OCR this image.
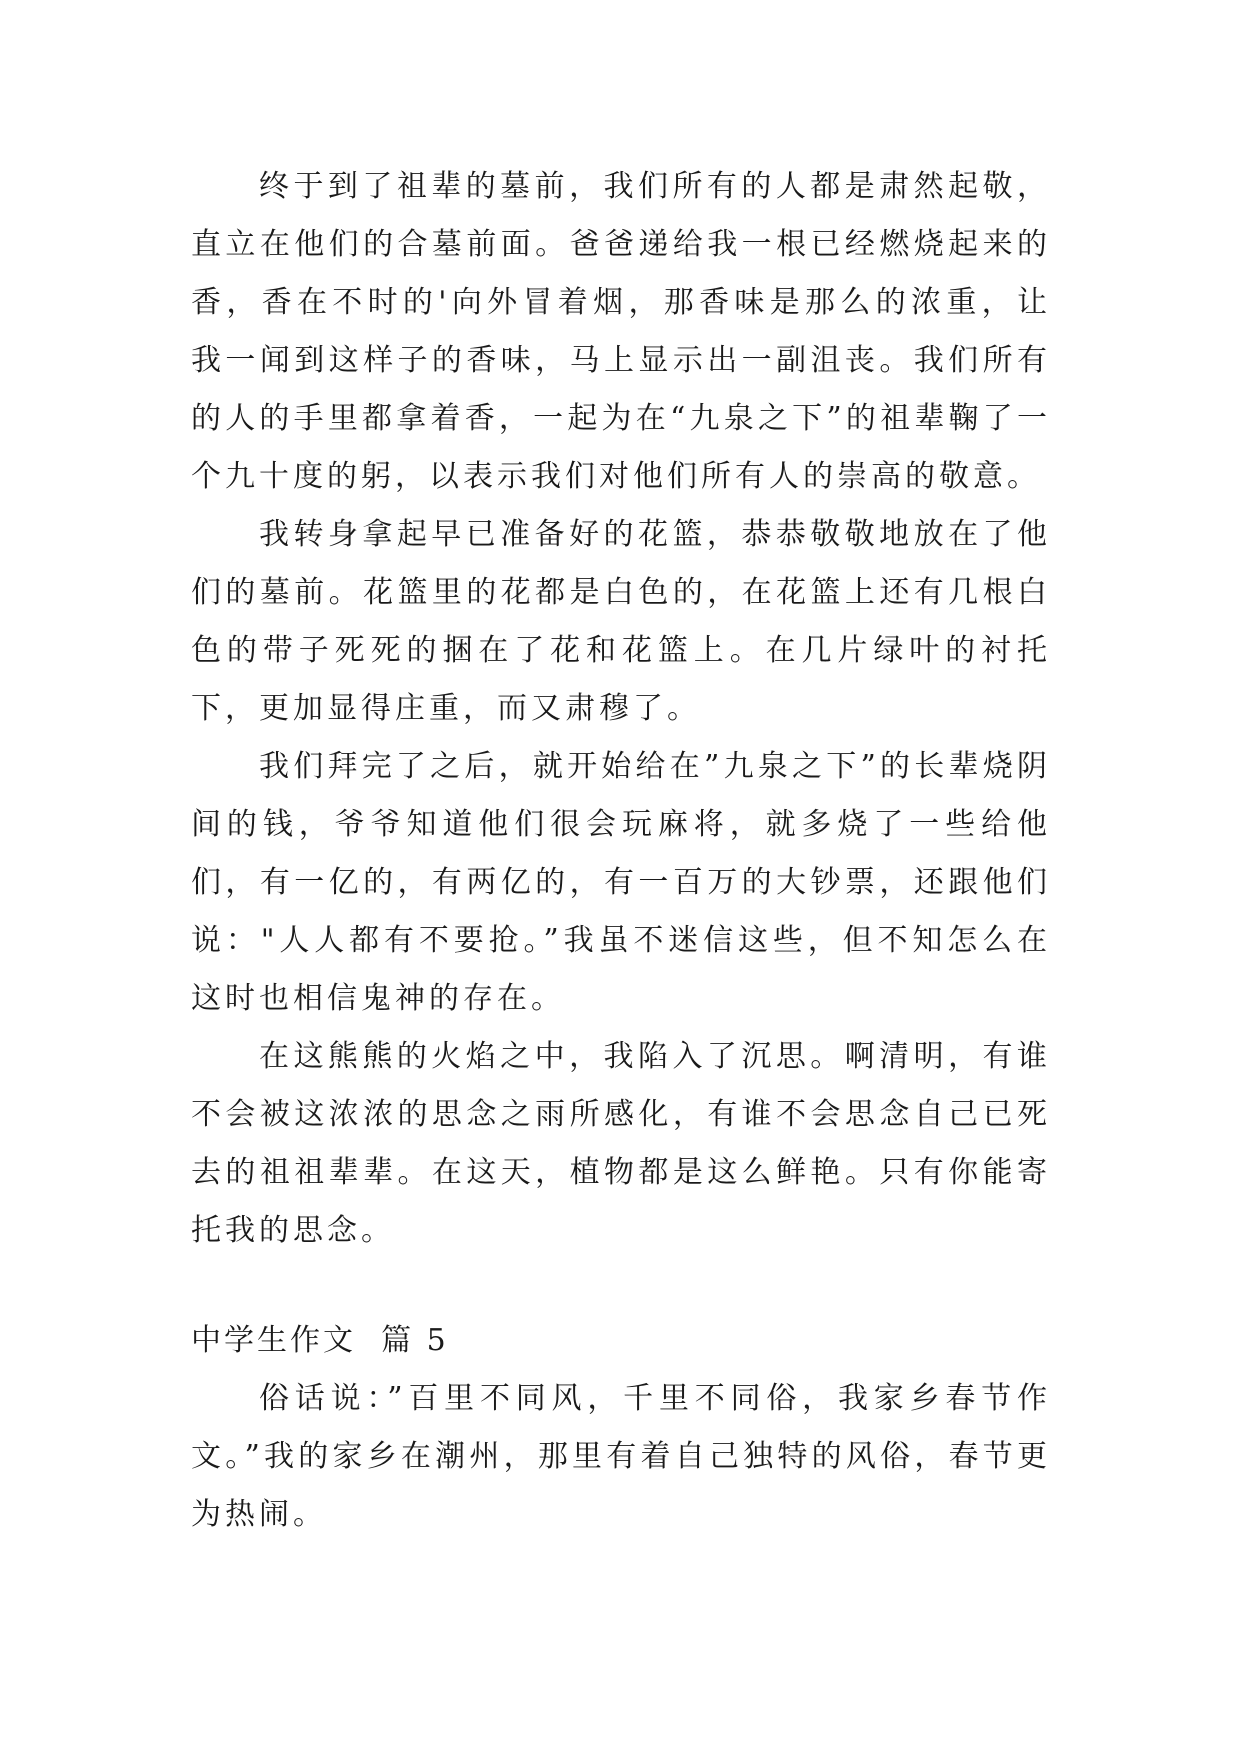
终于到了祖辈的墓前，我们所有的人都是肃然起敬，直立在他们的合墓前面。爸爸递给我一根已经燃烧起来的香，香在不时的'向外冒着烟，那香味是那么的浓重，让我一闻到这样子的香味，马上显示出一副沮丧。我们所有的人的手里都拿着香，一起为在“九泉之下”的祖辈鞠了一个九十度的躬，以表示我们对他们所有人的崇高的敬意。

我转身拿起早已准备好的花篮，恭恭敬敬地放在了他们的墓前。花篮里的花都是白色的，在花篮上还有几根白色的带子死死的捆在了花和花篮上。在几片绿叶的衬托下，更加显得庄重，而又肃穆了。

我们拜完了之后，就开始给在”九泉之下”的长辈烧阴间的钱，爷爷知道他们很会玩麻将，就多烧了一些给他们，有一亿的，有两亿的，有一百万的大钞票，还跟他们说："人人都有不要抢。”我虽不迷信这些，但不知怎么在这时也相信鬼神的存在。

在这熊熊的火焰之中，我陷入了沉思。啊清明，有谁不会被这浓浓的思念之雨所感化，有谁不会思念自己已死去的祖祖辈辈。在这天，植物都是这么鲜艳。只有你能寄托我的思念。

中学生作文  篇 5

俗话说：”百里不同风，千里不同俗，我家乡春节作文。”我的家乡在潮州，那里有着自己独特的风俗，春节更为热闹。
